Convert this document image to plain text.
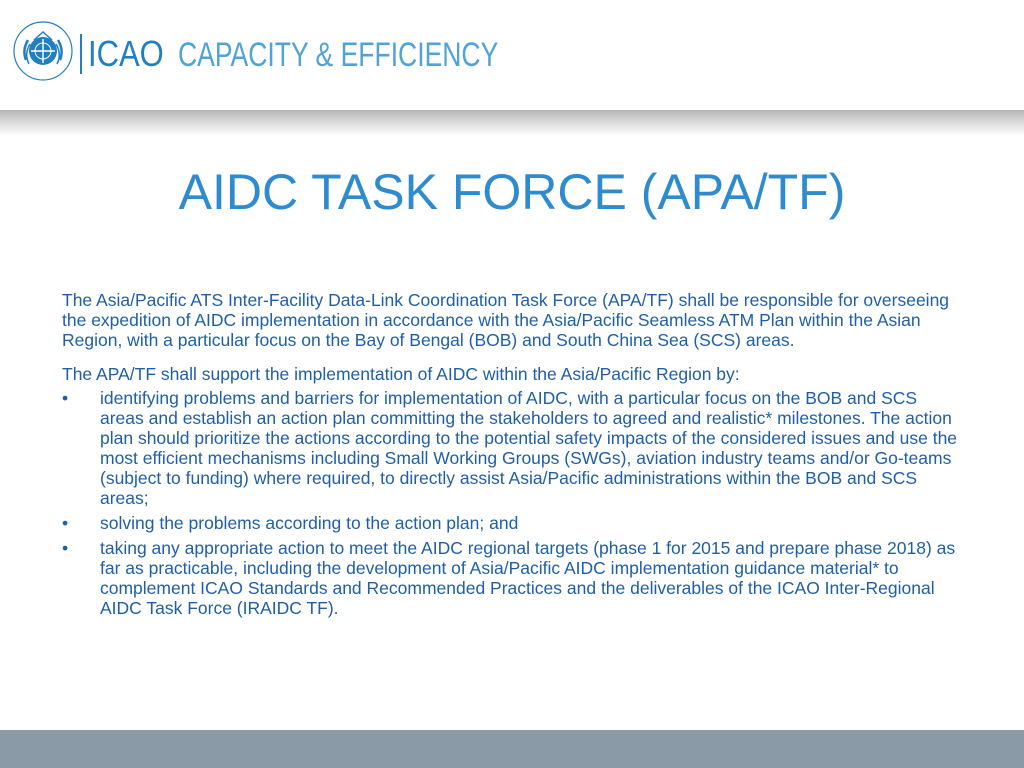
ICAO CAPACITY & EFFICIENCY
AIDC TASK FORCE (APA/TF)

The Asia/Pacific ATS Inter-Facility Data-Link Coordination Task Force (APA/TF) shall be responsible for overseeing the expedition of AIDC implementation in accordance with the Asia/Pacific Seamless ATM Plan within the Asian Region, with a particular focus on the Bay of Bengal (BOB) and South China Sea (SCS) areas.

The APA/TF shall support the implementation of AIDC within the Asia/Pacific Region by:

• identifying problems and barriers for implementation of AIDC, with a particular focus on the BOB and SCS areas and establish an action plan committing the stakeholders to agreed and realistic* milestones. The action plan should prioritize the actions according to the potential safety impacts of the considered issues and use the most efficient mechanisms including Small Working Groups (SWGs), aviation industry teams and/or Go-teams (subject to funding) where required, to directly assist Asia/Pacific administrations within the BOB and SCS areas;
• solving the problems according to the action plan; and
• taking any appropriate action to meet the AIDC regional targets (phase 1 for 2015 and prepare phase 2018) as far as practicable, including the development of Asia/Pacific AIDC implementation guidance material* to complement ICAO Standards and Recommended Practices and the deliverables of the ICAO Inter-Regional AIDC Task Force (IRAIDC TF).
